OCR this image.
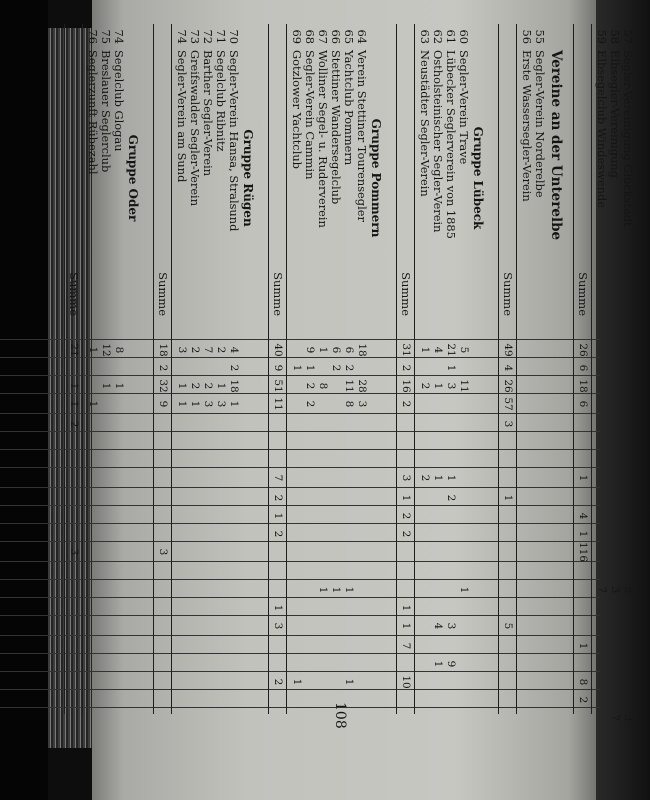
108
57
Segler-Vereinigung Glückstadt
8
3
58
Elbsegler-Vereinigung
3
7
59
Elbsegelclub Windeswende
7
Summe
26
6
18
6
1
4
1
116
1
8
2
Vereine an der Unterelbe
55
Segler-Verein Norderelbe
56
Erste Wassersegler-Verein
Summe
49
4
26
57
3
1
5
Gruppe Lübeck
60
Segler-Verein Trave
5
11
1
61
Lübecker Seglerverein von 1885
21
1
3
1
2
3
9
62
Ostholsteinischer Segler-Verein
4
1
1
4
1
63
Neustädter Segler-Verein
1
2
2
Summe
31
2
16
2
3
1
2
2
1
1
7
10
Gruppe Pommern
64
Verein Stettiner Tourensegler
18
28
3
65
Yachtclub Pommern
6
2
11
8
1
1
66
Stettiner Wandersegelclub
6
2
1
67
Wolliner Segel- u. Ruderverein
1
8
1
68
Segler-Verein Cammin
9
1
2
2
69
Gotzlower Yachtclub
1
1
Summe
40
9
51
11
7
2
1
2
1
3
2
Gruppe Rügen
70
Segler-Verein Hansa, Stralsund
4
2
18
1
71
Segelclub Ribnitz
2
1
3
72
Barther Segler-Verein
7
2
3
73
Greifswalder Segler-Verein
2
2
1
74
Segler-Verein am Sund
3
1
1
Summe
18
2
32
9
3
Gruppe Oder
74
Segelclub Glogau
8
1
75
Breslauer Seglerclub
12
1
76
Seglerzunft Rübezahl
1
1
Summe
21
1
1
2
3
